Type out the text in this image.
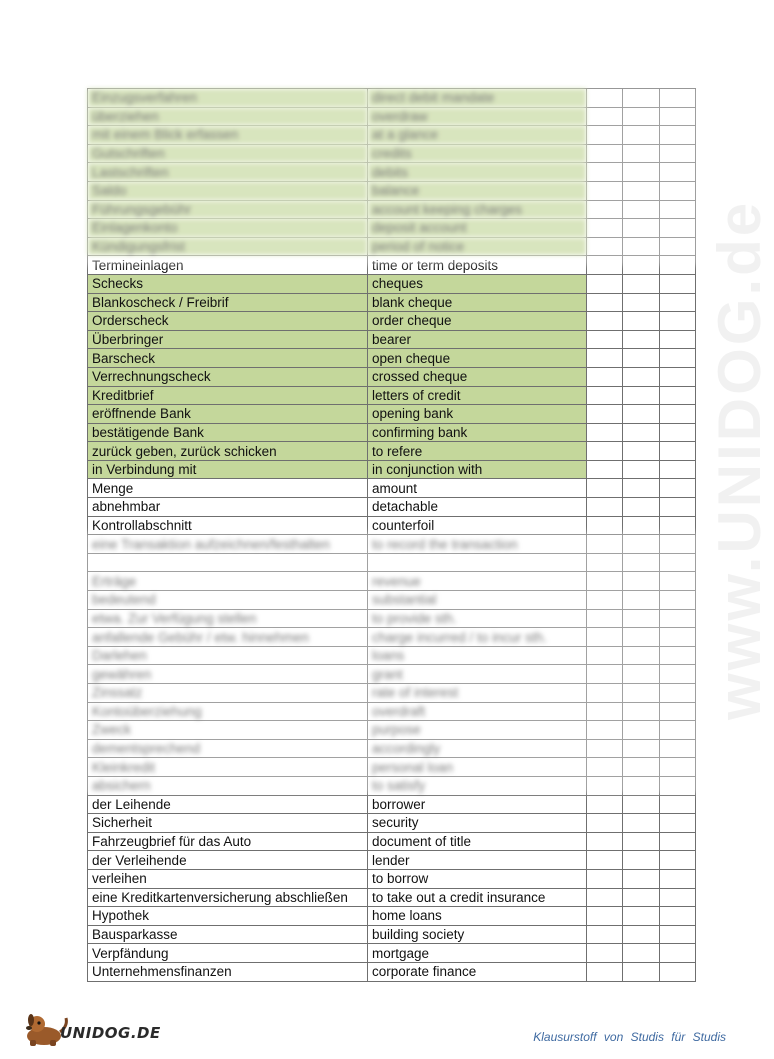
www.UNIDOG.de
Einzugsverfahren	direct debit mandate			
überziehen	overdraw			
mit einem Blick erfassen	at a glance			
Gutschriften	credits			
Lastschriften	debits			
Saldo	balance			
Führungsgebühr	account keeping charges			
Einlagenkonto	deposit account			
Kündigungsfrist	period of notice			
Termineinlagen	time or term deposits			
Schecks	cheques			
Blankoscheck / Freibrif	blank cheque			
Orderscheck	order cheque			
Überbringer	bearer			
Barscheck	open cheque			
Verrechnungscheck	crossed cheque			
Kreditbrief	letters of credit			
eröffnende Bank	opening bank			
bestätigende Bank	confirming bank			
zurück geben, zurück schicken	to refere			
in Verbindung mit	in conjunction with			
Menge	amount			
abnehmbar	detachable			
Kontrollabschnitt	counterfoil			
eine Transaktion aufzeichnen/festhalten	to record the transaction			

Erträge	revenue			
bedeutend	substantial			
etwa. Zur Verfügung stellen	to provide sth.			
anfallende Gebühr / etw. hinnehmen	charge incurred / to incur sth.			
Darlehen	loans			
gewähren	grant			
Zinssatz	rate of interest			
Kontoüberziehung	overdraft			
Zweck	purpose			
dementsprechend	accordingly			
Kleinkredit	personal loan			
absichern	to satisfy			
der Leihende	borrower			
Sicherheit	security			
Fahrzeugbrief für das Auto	document of title			
der Verleihende	lender			
verleihen	to borrow			
eine Kreditkartenversicherung abschließen	to take out a credit insurance			
Hypothek	home loans			
Bausparkasse	building society			
Verpfändung	mortgage			
Unternehmensfinanzen	corporate finance			
UNIDOG.DE	Klausurstoff von Studis für Studis
